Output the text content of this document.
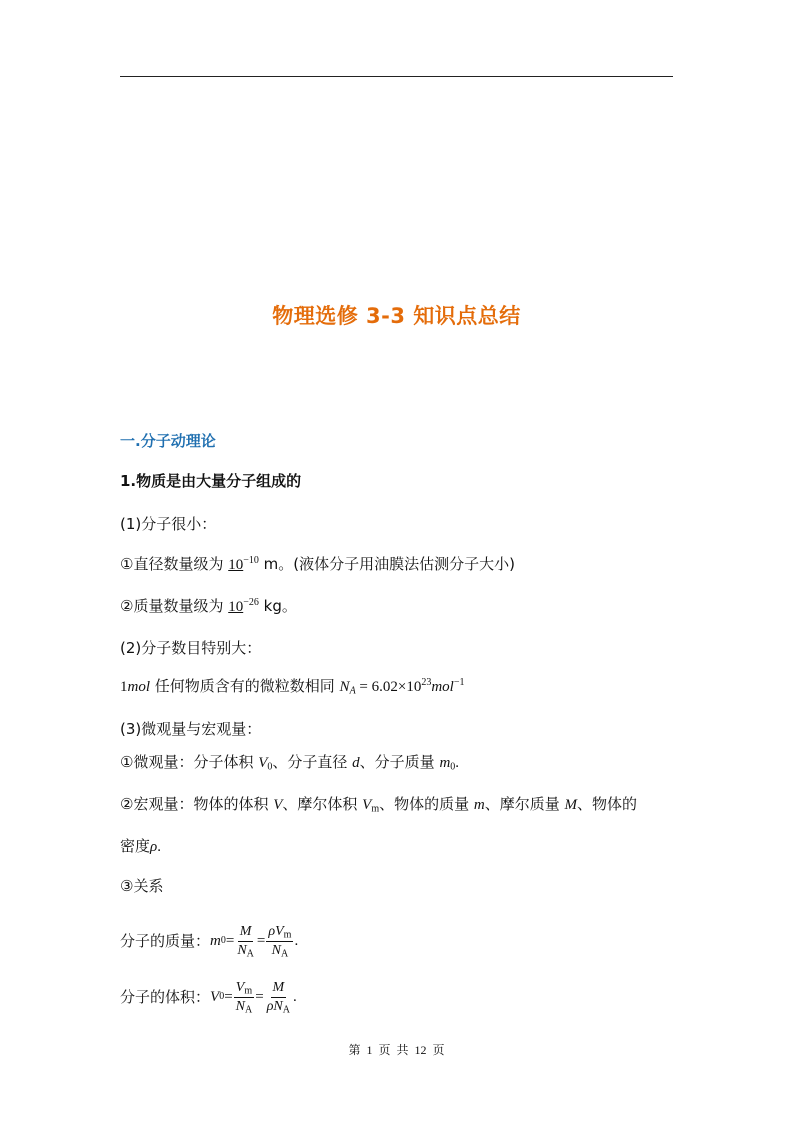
物理选修 3-3 知识点总结
一.分子动理论
1.物质是由大量分子组成的
(1)分子很小：
①直径数量级为 $10^{-10}$ m。(液体分子用油膜法估测分子大小)
②质量数量级为 $10^{-26}$ kg。
(2)分子数目特别大：
1mol 任何物质含有的微粒数相同 $N_A = 6.02\times 10^{23}mol^{-1}$
(3)微观量与宏观量：
①微观量：分子体积 $V_0$、分子直径 d、分子质量 $m_0$.
②宏观量：物体的体积 V、摩尔体积 $V_m$、物体的质量 m、摩尔质量 M、物体的
密度ρ.
③关系
分子的质量： m $0 = \frac{M}{N_A} = \frac{\rho V_m}{N_A}$ .
分子的体积： V $0 = \frac{V_m}{N_A} = \frac{M}{\rho N_A}$ .
第 1 页 共 12 页
